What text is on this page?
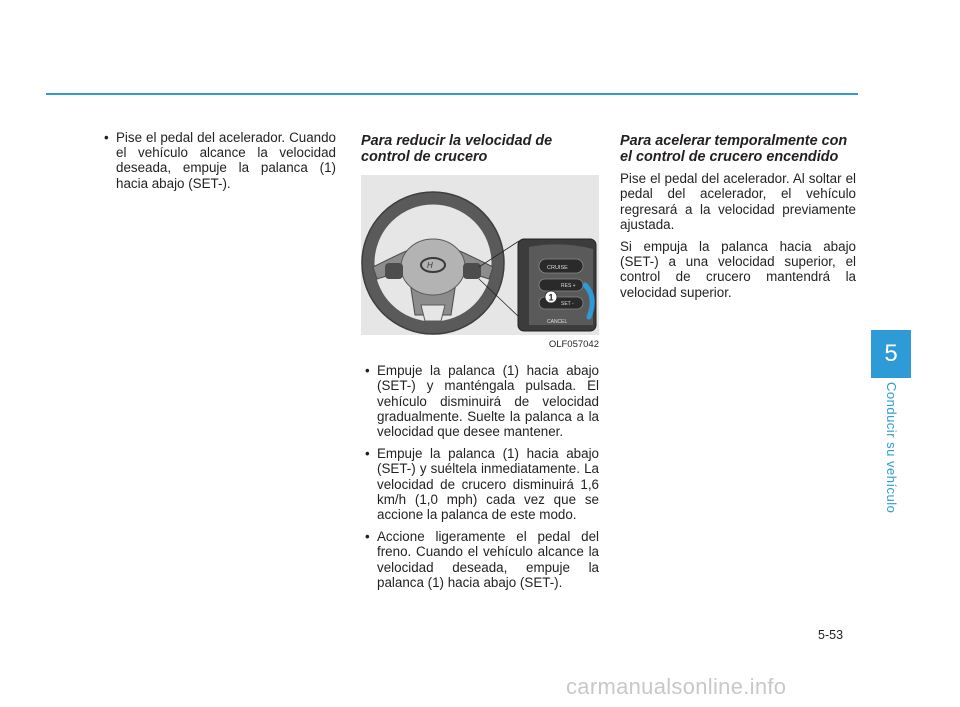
• Pise el pedal del acelerador. Cuando el vehículo alcance la velocidad deseada, empuje la palanca (1) hacia abajo (SET-).
Para reducir la velocidad de control de crucero
H	CRUISE
RES +
SET -
CANCEL
1
OLF057042
• Empuje la palanca (1) hacia abajo (SET-) y manténgala pulsada. El vehículo disminuirá de velocidad gradualmente. Suelte la palanca a la velocidad que desee mantener.
• Empuje la palanca (1) hacia abajo (SET-) y suéltela inmediatamente. La velocidad de crucero disminuirá 1,6 km/h (1,0 mph) cada vez que se accione la palanca de este modo.
• Accione ligeramente el pedal del freno. Cuando el vehículo alcance la velocidad deseada, empuje la palanca (1) hacia abajo (SET-).
Para acelerar temporalmente con el control de crucero encendido

Pise el pedal del acelerador. Al soltar el pedal del acelerador, el vehículo regresará a la velocidad previamente ajustada.

Si empuja la palanca hacia abajo (SET-) a una velocidad superior, el control de crucero mantendrá la velocidad superior.

5
Conducir su vehículo
5-53
carmanualsonline.info
